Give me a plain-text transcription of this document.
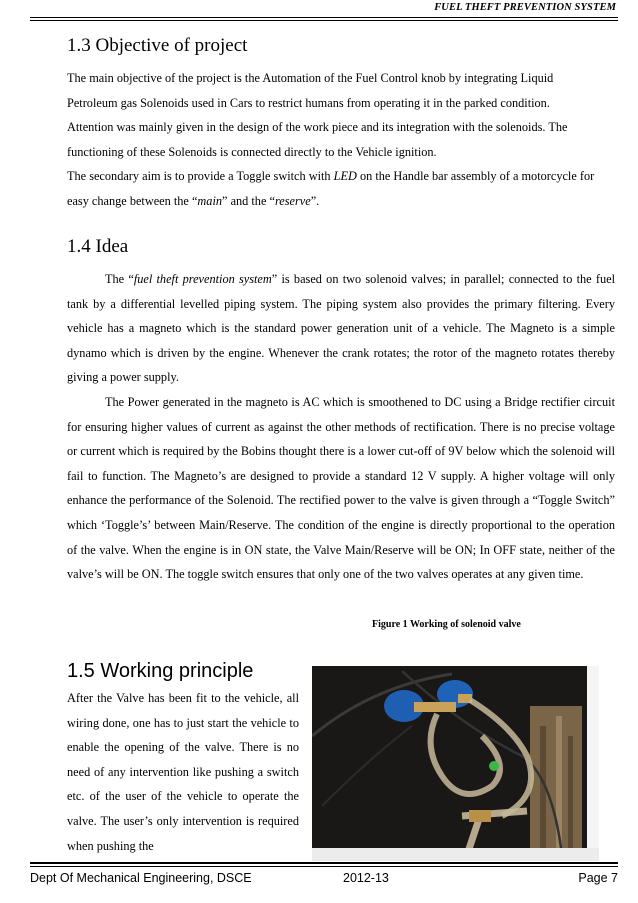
FUEL THEFT PREVENTION SYSTEM
1.3 Objective of project
The main objective of the project is the Automation of the Fuel Control knob by integrating Liquid
Petroleum gas Solenoids used in Cars to restrict humans from operating it in the parked condition.
Attention was mainly given in the design of the work piece and its integration with the solenoids. The
functioning of these Solenoids is connected directly to the Vehicle ignition.

The secondary aim is to provide a Toggle switch with LED on the Handle bar assembly of a motorcycle for easy change between the “main” and the “reserve”.

1.4 Idea

The “fuel theft prevention system” is based on two solenoid valves; in parallel; connected to the fuel tank by a differential levelled piping system. The piping system also provides the primary filtering. Every vehicle has a magneto which is the standard power generation unit of a vehicle. The Magneto is a simple dynamo which is driven by the engine. Whenever the crank rotates; the rotor of the magneto rotates thereby giving a power supply.

The Power generated in the magneto is AC which is smoothened to DC using a Bridge rectifier circuit for ensuring higher values of current as against the other methods of rectification. There is no precise voltage or current which is required by the Bobins thought there is a lower cut-off of 9V below which the solenoid will fail to function. The Magneto’s are designed to provide a standard 12 V supply. A higher voltage will only enhance the performance of the Solenoid. The rectified power to the valve is given through a “Toggle Switch” which ‘Toggle’s’ between Main/Reserve. The condition of the engine is directly proportional to the operation of the valve. When the engine is in ON state, the Valve Main/Reserve will be ON; In OFF state, neither of the valve’s will be ON. The toggle switch ensures that only one of the two valves operates at any given time.

Figure 1 Working of solenoid valve
1.5 Working principle

After the Valve has been fit to the vehicle, all wiring done, one has to just start the vehicle to enable the opening of the valve. There is no need of any intervention like pushing a switch etc. of the user of the vehicle to operate the valve. The user’s only intervention is required when pushing the

Dept Of Mechanical Engineering, DSCE	2012-13	Page 7
